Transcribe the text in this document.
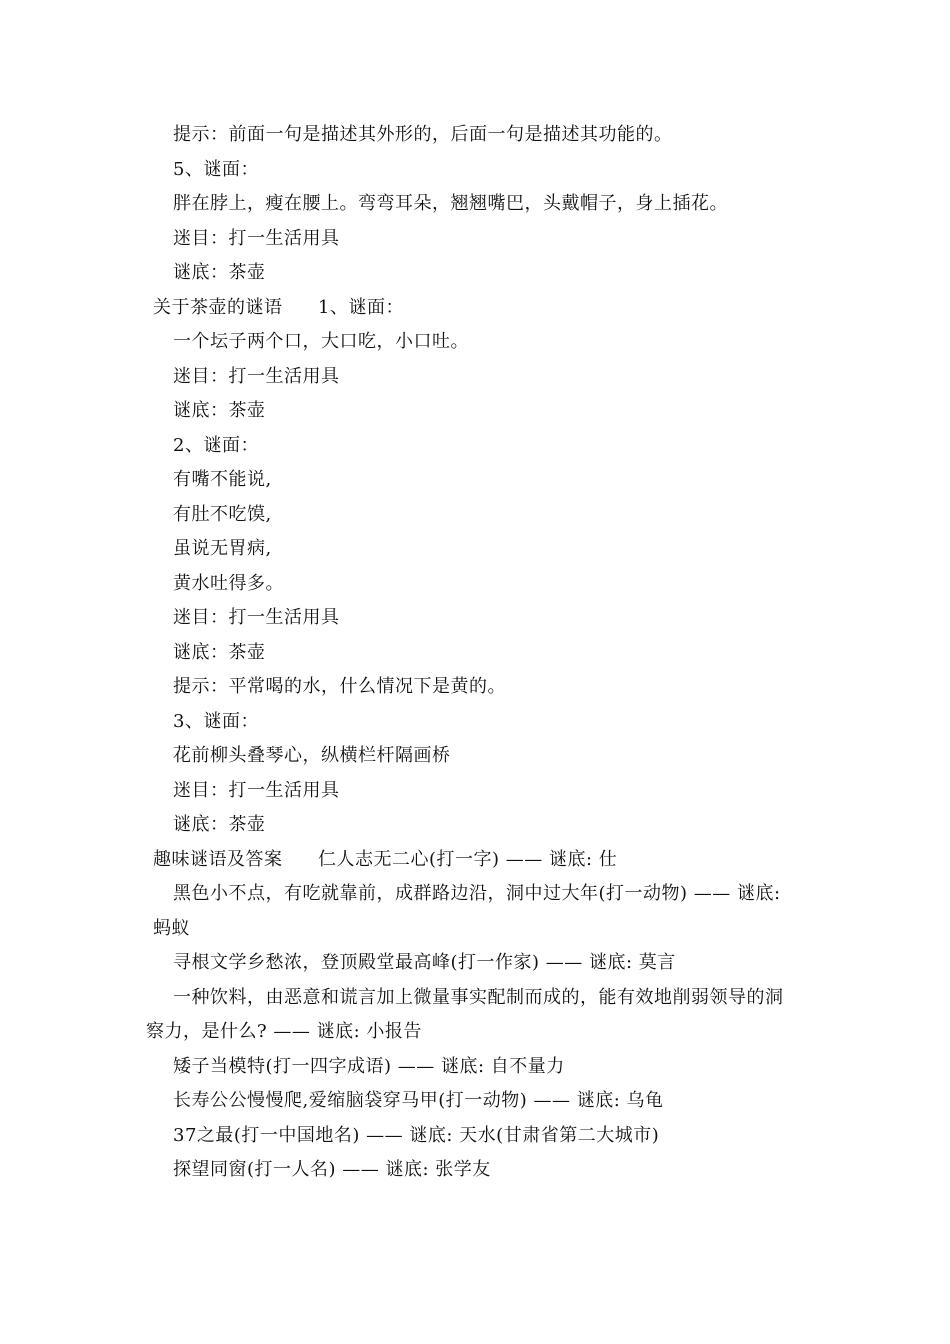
提示：前面一句是描述其外形的，后面一句是描述其功能的。
5、谜面：
胖在脖上，瘦在腰上。弯弯耳朵，翘翘嘴巴，头戴帽子，身上插花。
迷目：打一生活用具
谜底：茶壶
关于茶壶的谜语 1、谜面：
一个坛子两个口，大口吃，小口吐。
迷目：打一生活用具
谜底：茶壶
2、谜面：
有嘴不能说,
有肚不吃馍,
虽说无胃病,
黄水吐得多。
迷目：打一生活用具
谜底：茶壶
提示：平常喝的水，什么情况下是黄的。
3、谜面：
花前柳头叠琴心，纵横栏杆隔画桥
迷目：打一生活用具
谜底：茶壶
趣味谜语及答案 仁人志无二心(打一字) —— 谜底: 仕
黑色小不点，有吃就靠前，成群路边沿，洞中过大年(打一动物) —— 谜底:
蚂蚁
寻根文学乡愁浓，登顶殿堂最高峰(打一作家) —— 谜底: 莫言
一种饮料，由恶意和谎言加上微量事实配制而成的，能有效地削弱领导的洞
察力，是什么? —— 谜底: 小报告
矮子当模特(打一四字成语) —— 谜底: 自不量力
长寿公公慢慢爬,爱缩脑袋穿马甲(打一动物) —— 谜底: 乌龟
37之最(打一中国地名) —— 谜底: 天水(甘肃省第二大城市)
探望同窗(打一人名) —— 谜底: 张学友
